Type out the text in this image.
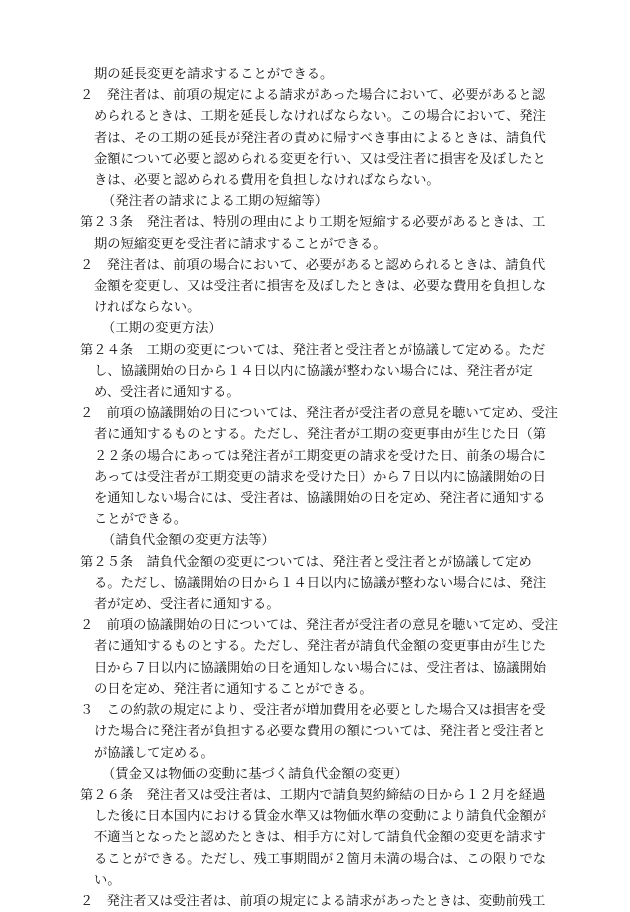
期の延長変更を請求することができる。

２　発注者は、前項の規定による請求があった場合において、必要があると認められるときは、工期を延長しなければならない。この場合において、発注者は、その工期の延長が発注者の責めに帰すべき事由によるときは、請負代金額について必要と認められる変更を行い、又は受注者に損害を及ぼしたときは、必要と認められる費用を負担しなければならない。

（発注者の請求による工期の短縮等）

第２３条　発注者は、特別の理由により工期を短縮する必要があるときは、工期の短縮変更を受注者に請求することができる。

２　発注者は、前項の場合において、必要があると認められるときは、請負代金額を変更し、又は受注者に損害を及ぼしたときは、必要な費用を負担しなければならない。

（工期の変更方法）

第２４条　工期の変更については、発注者と受注者とが協議して定める。ただし、協議開始の日から１４日以内に協議が整わない場合には、発注者が定め、受注者に通知する。

２　前項の協議開始の日については、発注者が受注者の意見を聴いて定め、受注者に通知するものとする。ただし、発注者が工期の変更事由が生じた日（第２２条の場合にあっては発注者が工期変更の請求を受けた日、前条の場合にあっては受注者が工期変更の請求を受けた日）から７日以内に協議開始の日を通知しない場合には、受注者は、協議開始の日を定め、発注者に通知することができる。

（請負代金額の変更方法等）

第２５条　請負代金額の変更については、発注者と受注者とが協議して定める。ただし、協議開始の日から１４日以内に協議が整わない場合には、発注者が定め、受注者に通知する。

２　前項の協議開始の日については、発注者が受注者の意見を聴いて定め、受注者に通知するものとする。ただし、発注者が請負代金額の変更事由が生じた日から７日以内に協議開始の日を通知しない場合には、受注者は、協議開始の日を定め、発注者に通知することができる。

３　この約款の規定により、受注者が増加費用を必要とした場合又は損害を受けた場合に発注者が負担する必要な費用の額については、発注者と受注者とが協議して定める。

（賃金又は物価の変動に基づく請負代金額の変更）

第２６条　発注者又は受注者は、工期内で請負契約締結の日から１２月を経過した後に日本国内における賃金水準又は物価水準の変動により請負代金額が不適当となったと認めたときは、相手方に対して請負代金額の変更を請求することができる。ただし、残工事期間が２箇月未満の場合は、この限りでない。

２　発注者又は受注者は、前項の規定による請求があったときは、変動前残工
